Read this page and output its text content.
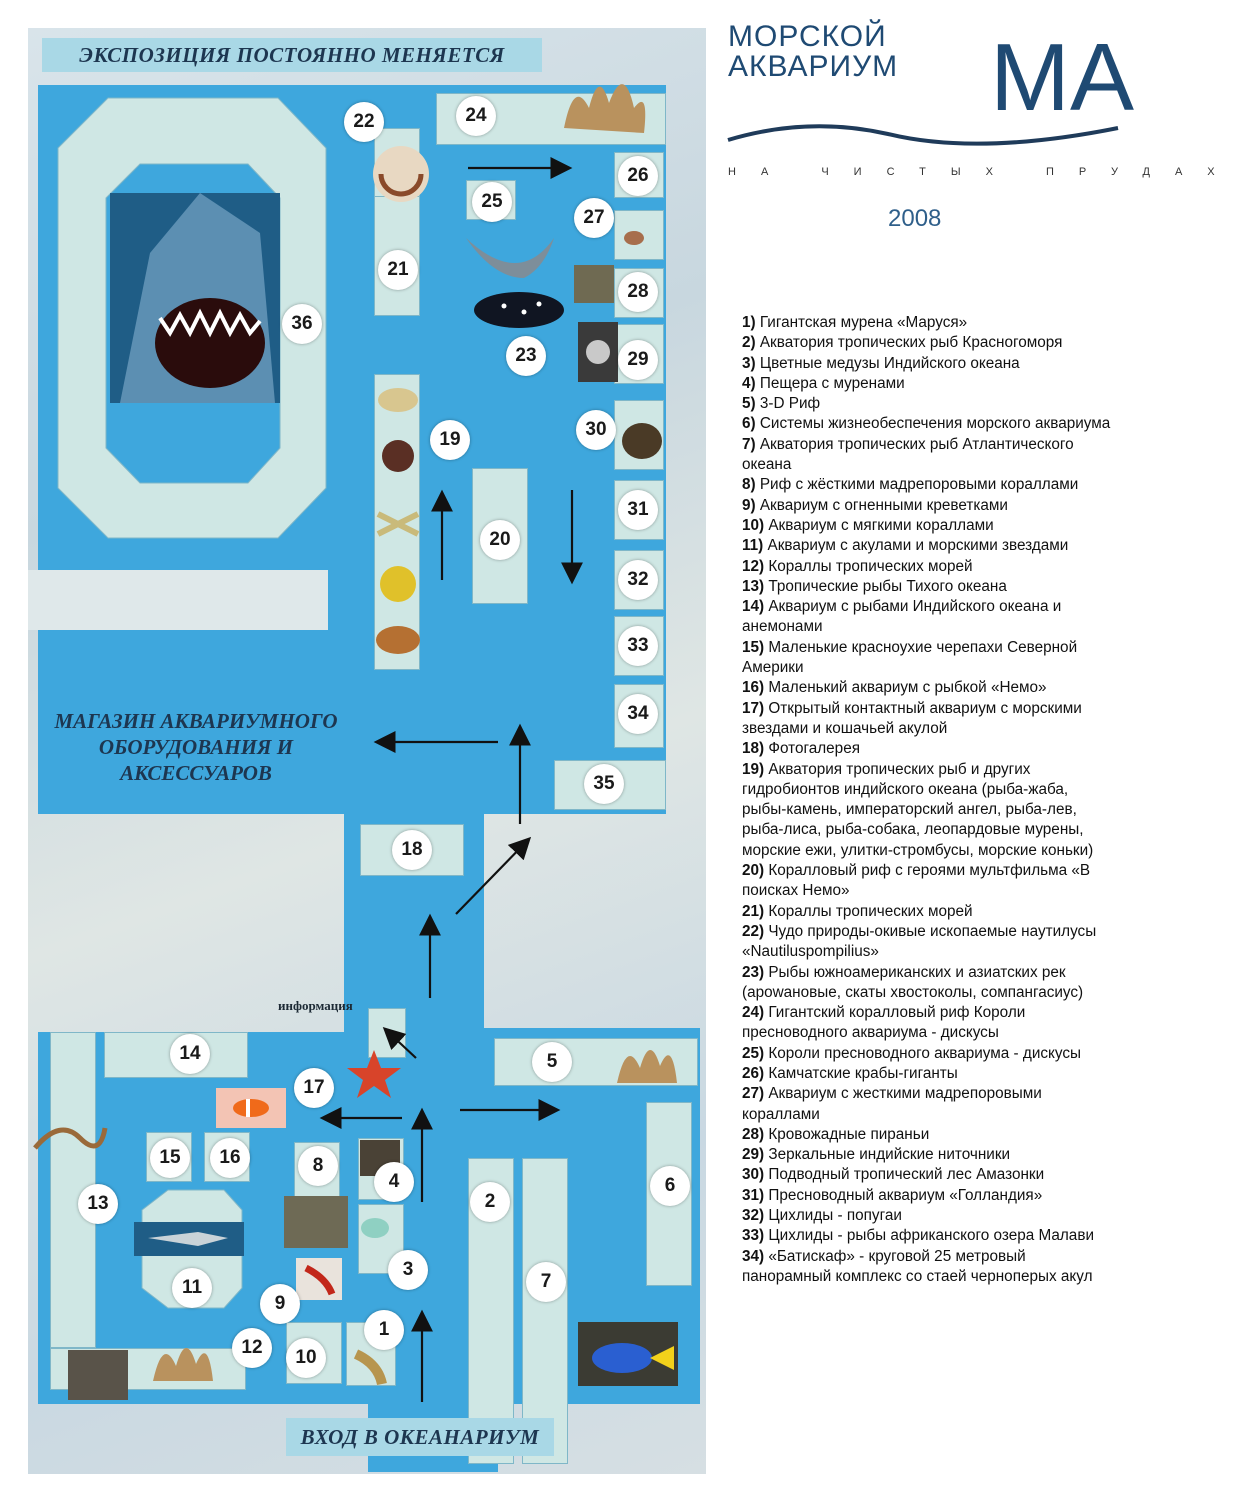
ЭКСПОЗИЦИЯ ПОСТОЯННО МЕНЯЕТСЯ
МАГАЗИН АКВАРИУМНОГО
ОБОРУДОВАНИЯ И
АКСЕССУАРОВ
информация
ВХОД В ОКЕАНАРИУМ
1
2
3
4
5
6
7
8
9
10
11
12
13
14
15	16
17
18
19
20
21
22
23
24
25
26
27
28
29
30
31
32
33
34
35
36
МОРСКОЙ
АКВАРИУМ MA
НА ЧИСТЫХ ПРУДАХ
2008
1) Гигантская мурена «Маруся»
2) Акватория тропических рыб Красногоморя
3) Цветные медузы Индийского океана
4) Пещера с муренами
5) 3-D Риф
6) Системы жизнеобеспечения морского аквариума
7) Акватория тропических рыб Атлантического океана
8) Риф с жёсткими мадрепоровыми кораллами
9) Аквариум с огненными креветками
10) Аквариум с мягкими кораллами
11) Аквариум с акулами и морскими звездами
12) Кораллы тропических морей
13) Тропические рыбы Тихого океана
14) Аквариум с рыбами Индийского океана и анемонами
15) Маленькие красноухие черепахи Северной Америки
16) Маленький аквариум с рыбкой «Немо»
17) Открытый контактный аквариум с морскими звездами и кошачьей акулой
18) Фотогалерея
19) Акватория тропических рыб и других гидробионтов индийского океана (рыба-жаба, рыбы-камень, императорский ангел, рыба-лев, рыба-лиса, рыба-собака, леопардовые мурены, морские ежи, улитки-стромбусы, морские коньки)
20) Коралловый риф с героями мультфильма «В поисках Немо»
21) Кораллы тропических морей
22) Чудо природы-окивые ископаемые наутилусы «Nautiluspompilius»
23) Рыбы южноамериканских и азиатских рек (арowановые, скаты хвостоколы, сомпангасиус)
24) Гигантский коралловый риф Короли пресноводного аквариума - дискусы
25) Короли пресноводного аквариума - дискусы
26) Камчатские крабы-гиганты
27) Аквариум с жесткими мадрепоровыми кораллами
28) Кровожадные пираньи
29) Зеркальные индийские ниточники
30) Подводный тропический лес Амазонки
31) Пресноводный аквариум «Голландия»
32) Цихлиды - попугаи
33) Цихлиды - рыбы африканского озера Малави
34) «Батискаф» - круговой 25 метровый панорамный комплекс со стаей черноперых акул
